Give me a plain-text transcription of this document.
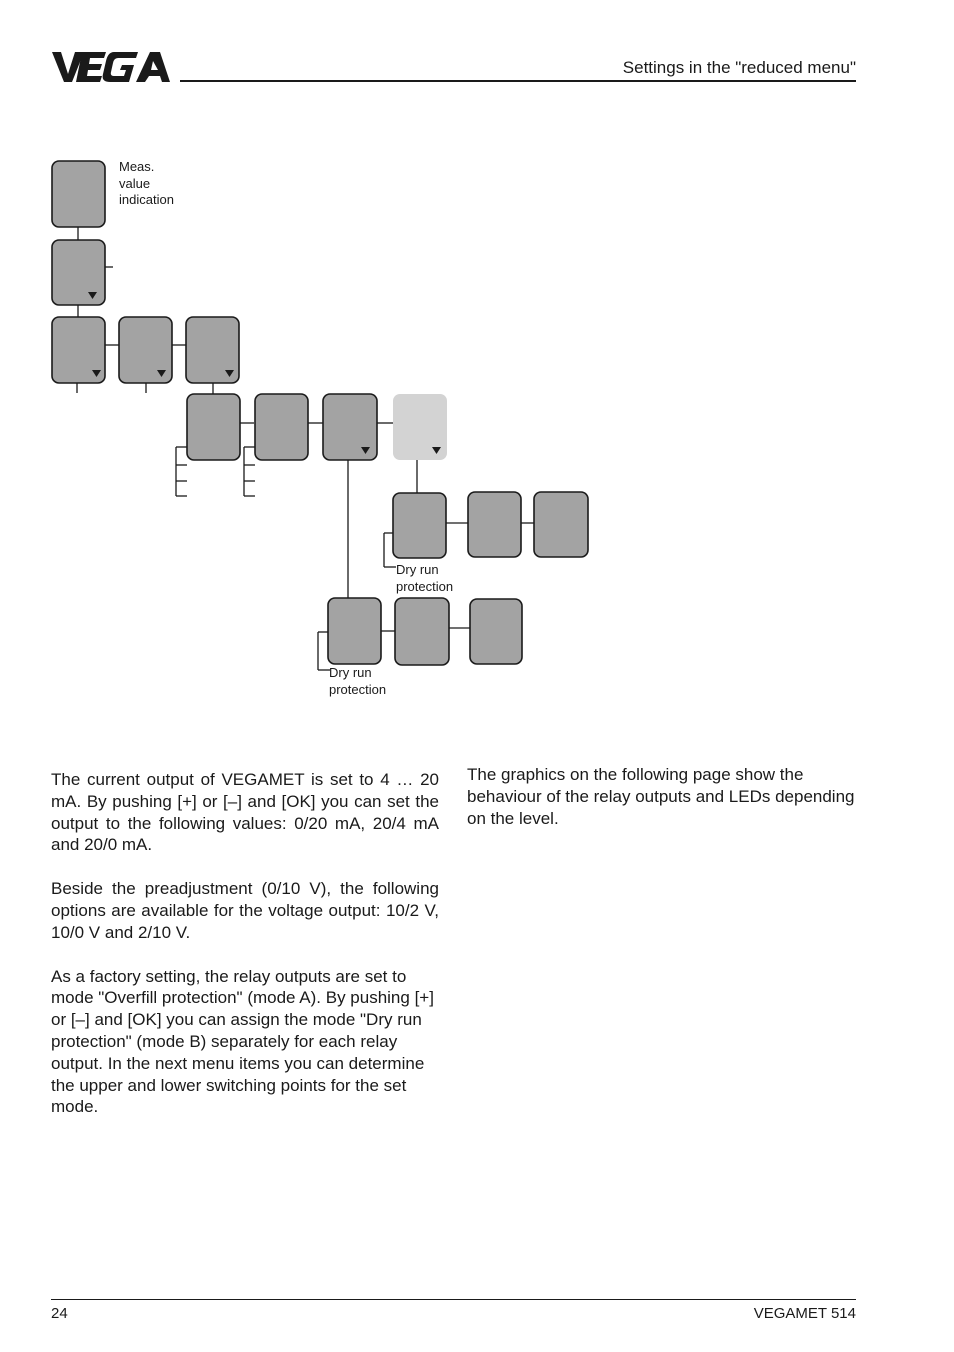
Settings in the "reduced menu"
Meas.
value
indication
Dry run
protection
Dry run
protection

The current output of VEGAMET is set to 4 … 20 mA. By pushing [+] or [–] and [OK] you can set the output to the following values: 0/20 mA, 20/4 mA and 20/0 mA.

Beside the preadjustment (0/10 V), the following options are available for the voltage output: 10/2 V, 10/0 V and 2/10 V.

As a factory setting, the relay outputs are set to mode "Overfill protection" (mode A). By pushing [+] or [–] and [OK] you can assign the mode "Dry run protection" (mode B) separately for each relay output. In the next menu items you can determine the upper and lower switching points for the set mode.

The graphics on the following page show the behaviour of the relay outputs and LEDs depending on the level.

24	VEGAMET 514
